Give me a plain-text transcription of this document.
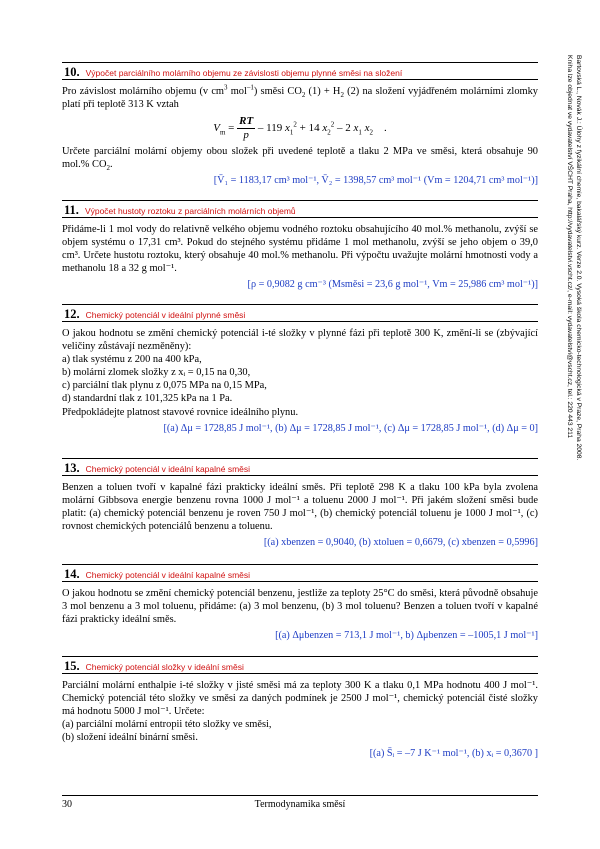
10. Výpočet parciálního molárního objemu ze závislosti objemu plynné směsi na složení

Pro závislost molárního objemu (v $cm^3$ mol$^{-1}$) směsi $CO_2$ $(1) + H_2$ (2) na složení vyjádřeném molárními zlomky platí při teplotě 313 K vztah

$V_m = \frac{RT}{p} - 119$ $x_1^2 + 14$ $x_2^2 - 2$ $x_1$ $x_2$    .

Určete parciální molární objemy obou složek při uvedené teplotě a tlaku 2 MPa ve směsi, která obsahuje 90 mol.% $CO_2$.

[V̄₁ = 1183,17 cm³ mol⁻¹, V̄₂ = 1398,57 cm³ mol⁻¹ (Vm = 1204,71 cm³ mol⁻¹)]
11. Výpočet hustoty roztoku z parciálních molárních objemů
Přidáme-li 1 mol vody do relativně velkého objemu vodného roztoku obsahujícího 40 mol.% methanolu, zvýší se objem systému o 17,31 cm³. Pokud do stejného systému přidáme 1 mol methanolu, zvýší se jeho objem o 39,0 cm³. Určete hustotu roztoku, který obsahuje 40 mol.% methanolu. Při výpočtu uvažujte molární hmotnosti vody a methanolu 18 a 32 g mol⁻¹.
[ρ = 0,9082 g cm⁻³ (Msměsi = 23,6 g mol⁻¹, Vm = 25,986 cm³ mol⁻¹)]
12. Chemický potenciál v ideální plynné směsi

O jakou hodnotu se změní chemický potenciál i-té složky v plynné fázi při teplotě 300 K, změní-li se (zbývající veličiny zůstávají nezměněny):

a) tlak systému z 200 na 400 kPa,

b) molární zlomek složky z xᵢ = 0,15 na 0,30,

c) parciální tlak plynu z 0,075 MPa na 0,15 MPa,

d) standardní tlak z 101,325 kPa na 1 Pa.

Předpokládejte platnost stavové rovnice ideálního plynu.

[(a) Δμ = 1728,85 J mol⁻¹, (b) Δμ = 1728,85 J mol⁻¹, (c) Δμ = 1728,85 J mol⁻¹, (d) Δμ = 0]
13. Chemický potenciál v ideální kapalné směsi
Benzen a toluen tvoří v kapalné fázi prakticky ideální směs. Při teplotě 298 K a tlaku 100 kPa byla zvolena molární Gibbsova energie benzenu rovna 1000 J mol⁻¹ a toluenu 2000 J mol⁻¹. Při jakém složení směsi bude platit: (a) chemický potenciál benzenu je roven 750 J mol⁻¹, (b) chemický potenciál toluenu je 1000 J mol⁻¹, (c) rovnost chemických potenciálů benzenu a toluenu.
[(a) xbenzen = 0,9040, (b) xtoluen = 0,6679, (c) xbenzen = 0,5996]
14. Chemický potenciál v ideální kapalné směsi
O jakou hodnotu se změní chemický potenciál benzenu, jestliže za teploty 25°C do směsi, která původně obsahuje 3 mol benzenu a 3 mol toluenu, přidáme: (a) 3 mol benzenu, (b) 3 mol toluenu? Benzen a toluen tvoří v kapalné fázi prakticky ideální směs.
[(a) Δμbenzen = 713,1 J mol⁻¹, b) Δμbenzen = –1005,1 J mol⁻¹]
15. Chemický potenciál složky v ideální směsi

Parciální molární enthalpie i-té složky v jisté směsi má za teploty 300 K a tlaku 0,1 MPa hodnotu 400 J mol⁻¹. Chemický potenciál této složky ve směsi za daných podmínek je 2500 J mol⁻¹, chemický potenciál čisté složky má hodnotu 5000 J mol⁻¹. Určete:

(a) parciální molární entropii této složky ve směsi,

(b) složení ideální binární směsi.

[(a) S̄ᵢ = –7 J K⁻¹ mol⁻¹, (b) xᵢ = 0,3670 ]
30	Termodynamika směsí
Bartovská L., Novák J.: Úlohy z fyzikální chemie, bakalářský kurz. Verze 2.0. Vysoká škola chemicko-technologická v Praze, Praha 2008.
Kniha lze objednat ve vydavatelství VŠCHT Praha, http://vydavatelstvi.vscht.cz/, e-mail: vydavatelstvi@vscht.cz, tel.: 220 443 211
